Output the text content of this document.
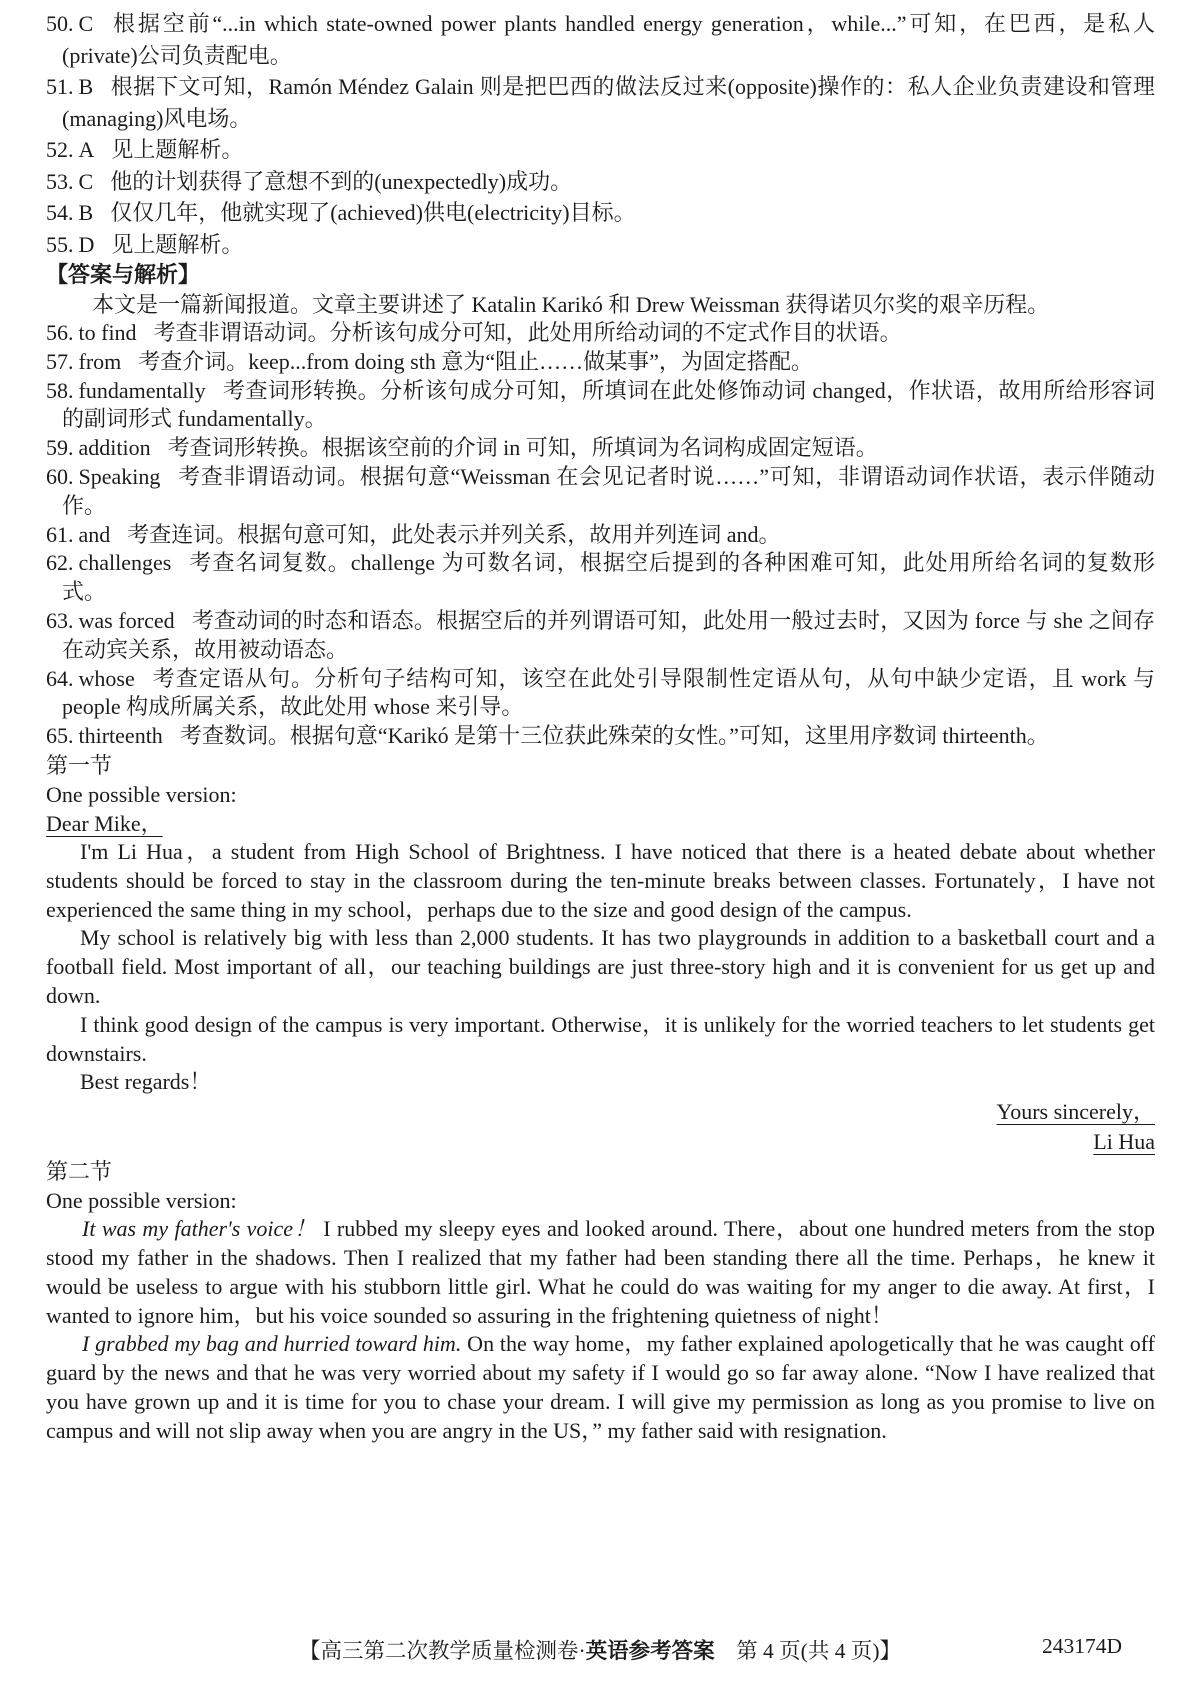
50. C 根据空前“...in which state-owned power plants handled energy generation，while...”可知，在巴西，是私人(private)公司负责配电。
51. B 根据下文可知，Ramón Méndez Galain 则是把巴西的做法反过来(opposite)操作的：私人企业负责建设和管理(managing)风电场。
52. A 见上题解析。
53. C 他的计划获得了意想不到的(unexpectedly)成功。
54. B 仅仅几年，他就实现了(achieved)供电(electricity)目标。
55. D 见上题解析。
【答案与解析】
本文是一篇新闻报道。文章主要讲述了 Katalin Karikó 和 Drew Weissman 获得诺贝尔奖的艰辛历程。
56. to find 考查非谓语动词。分析该句成分可知，此处用所给动词的不定式作目的状语。
57. from 考查介词。keep...from doing sth 意为“阻止……做某事”，为固定搭配。
58. fundamentally 考查词形转换。分析该句成分可知，所填词在此处修饰动词 changed，作状语，故用所给形容词的副词形式 fundamentally。
59. addition 考查词形转换。根据该空前的介词 in 可知，所填词为名词构成固定短语。
60. Speaking 考查非谓语动词。根据句意“Weissman 在会见记者时说……”可知，非谓语动词作状语，表示伴随动作。
61. and 考查连词。根据句意可知，此处表示并列关系，故用并列连词 and。
62. challenges 考查名词复数。challenge 为可数名词，根据空后提到的各种困难可知，此处用所给名词的复数形式。
63. was forced 考查动词的时态和语态。根据空后的并列谓语可知，此处用一般过去时，又因为 force 与 she 之间存在动宾关系，故用被动语态。
64. whose 考查定语从句。分析句子结构可知，该空在此处引导限制性定语从句，从句中缺少定语，且 work 与 people 构成所属关系，故此处用 whose 来引导。
65. thirteenth 考查数词。根据句意“Karikó 是第十三位获此殊荣的女性。”可知，这里用序数词 thirteenth。
第一节
One possible version:
Dear Mike，

I'm Li Hua，a student from High School of Brightness. I have noticed that there is a heated debate about whether students should be forced to stay in the classroom during the ten-minute breaks between classes. Fortunately，I have not experienced the same thing in my school，perhaps due to the size and good design of the campus.

My school is relatively big with less than 2,000 students. It has two playgrounds in addition to a basketball court and a football field. Most important of all，our teaching buildings are just three-story high and it is convenient for us get up and down.

I think good design of the campus is very important. Otherwise，it is unlikely for the worried teachers to let students get downstairs.

Best regards！
Yours sincerely，
Li Hua
第二节
One possible version:

It was my father's voice！ I rubbed my sleepy eyes and looked around. There，about one hundred meters from the stop stood my father in the shadows. Then I realized that my father had been standing there all the time. Perhaps，he knew it would be useless to argue with his stubborn little girl. What he could do was waiting for my anger to die away. At first，I wanted to ignore him，but his voice sounded so assuring in the frightening quietness of night！

I grabbed my bag and hurried toward him. On the way home，my father explained apologetically that he was caught off guard by the news and that he was very worried about my safety if I would go so far away alone. “Now I have realized that you have grown up and it is time for you to chase your dream. I will give my permission as long as you promise to live on campus and will not slip away when you are angry in the US，” my father said with resignation.

【高三第二次教学质量检测卷·英语参考答案　第 4 页(共 4 页)】	243174D
